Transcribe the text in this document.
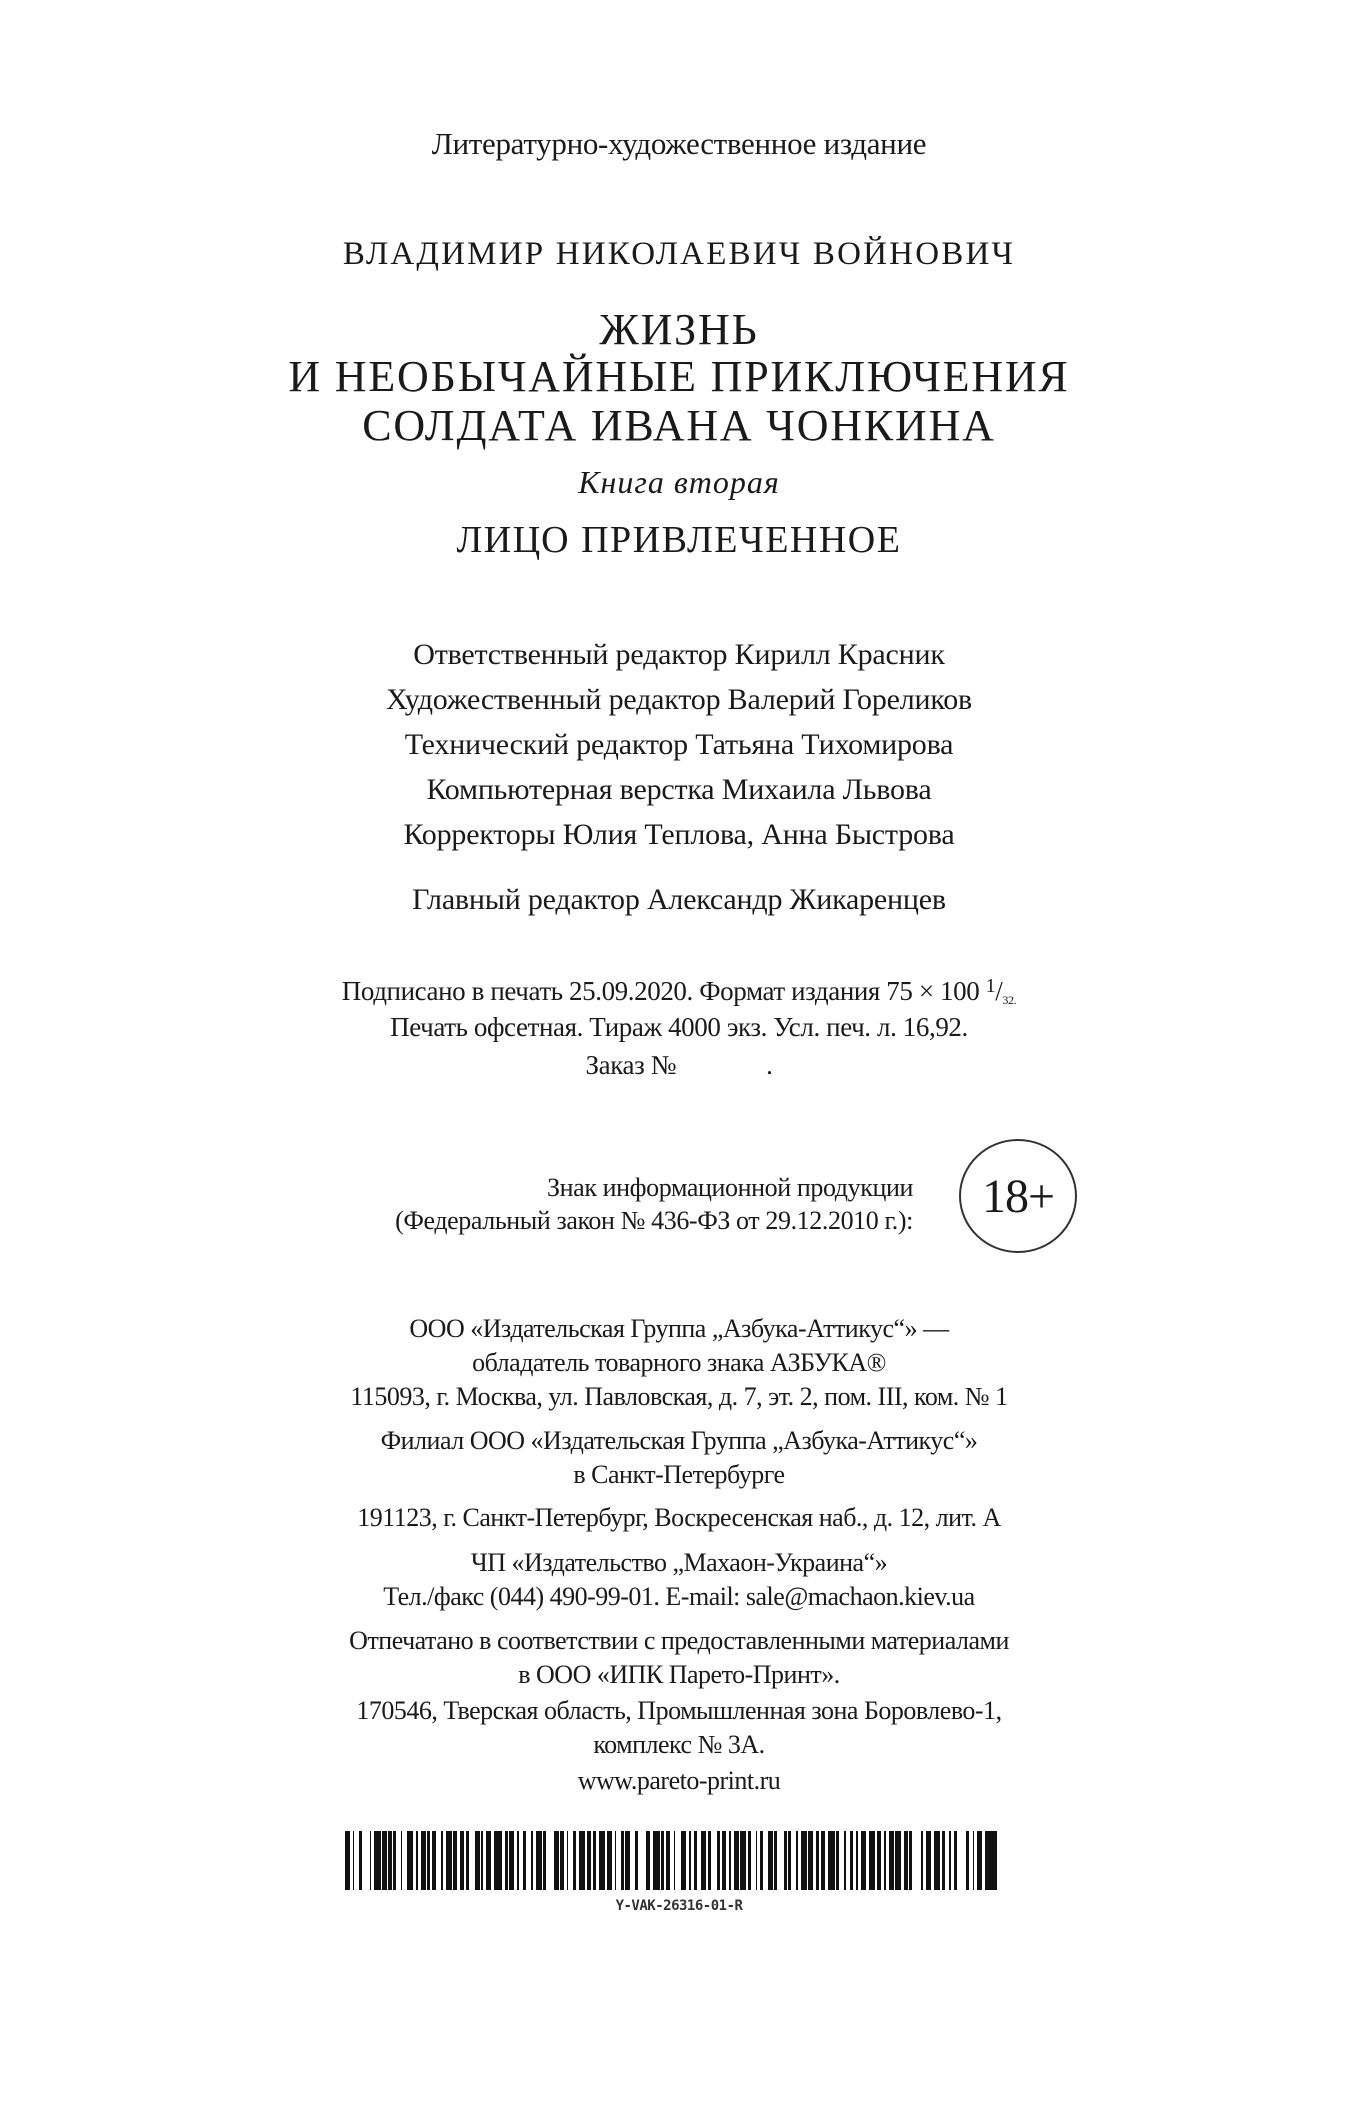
Литературно-художественное издание
ВЛАДИМИР НИКОЛАЕВИЧ ВОЙНОВИЧ
ЖИЗНЬ
И НЕОБЫЧАЙНЫЕ ПРИКЛЮЧЕНИЯ
СОЛДАТА ИВАНА ЧОНКИНА
Книга вторая
ЛИЦО ПРИВЛЕЧЕННОЕ
Ответственный редактор Кирилл Красник
Художественный редактор Валерий Гореликов
Технический редактор Татьяна Тихомирова
Компьютерная верстка Михаила Львова
Корректоры Юлия Теплова, Анна Быстрова
Главный редактор Александр Жикаренцев
Подписано в печать 25.09.2020. Формат издания 75 × 100 $^1$/32.
Печать офсетная. Тираж 4000 экз. Усл. печ. л. 16,92.
Заказ №	.
Знак информационной продукции
(Федеральный закон № 436-ФЗ от 29.12.2010 г.): 18+
ООО «Издательская Группа „Азбука-Аттикус“» —
обладатель товарного знака АЗБУКА®
115093, г. Москва, ул. Павловская, д. 7, эт. 2, пом. III, ком. № 1
Филиал ООО «Издательская Группа „Азбука-Аттикус“»
в Санкт-Петербурге
191123, г. Санкт-Петербург, Воскресенская наб., д. 12, лит. А
ЧП «Издательство „Махаон-Украина“»
Тел./факс (044) 490-99-01. E-mail: sale@machaon.kiev.ua
Отпечатано в соответствии с предоставленными материалами
в ООО «ИПК Парето-Принт».
170546, Тверская область, Промышленная зона Боровлево-1,
комплекс № 3А.
www.pareto-print.ru
Y-VAK-26316-01-R
